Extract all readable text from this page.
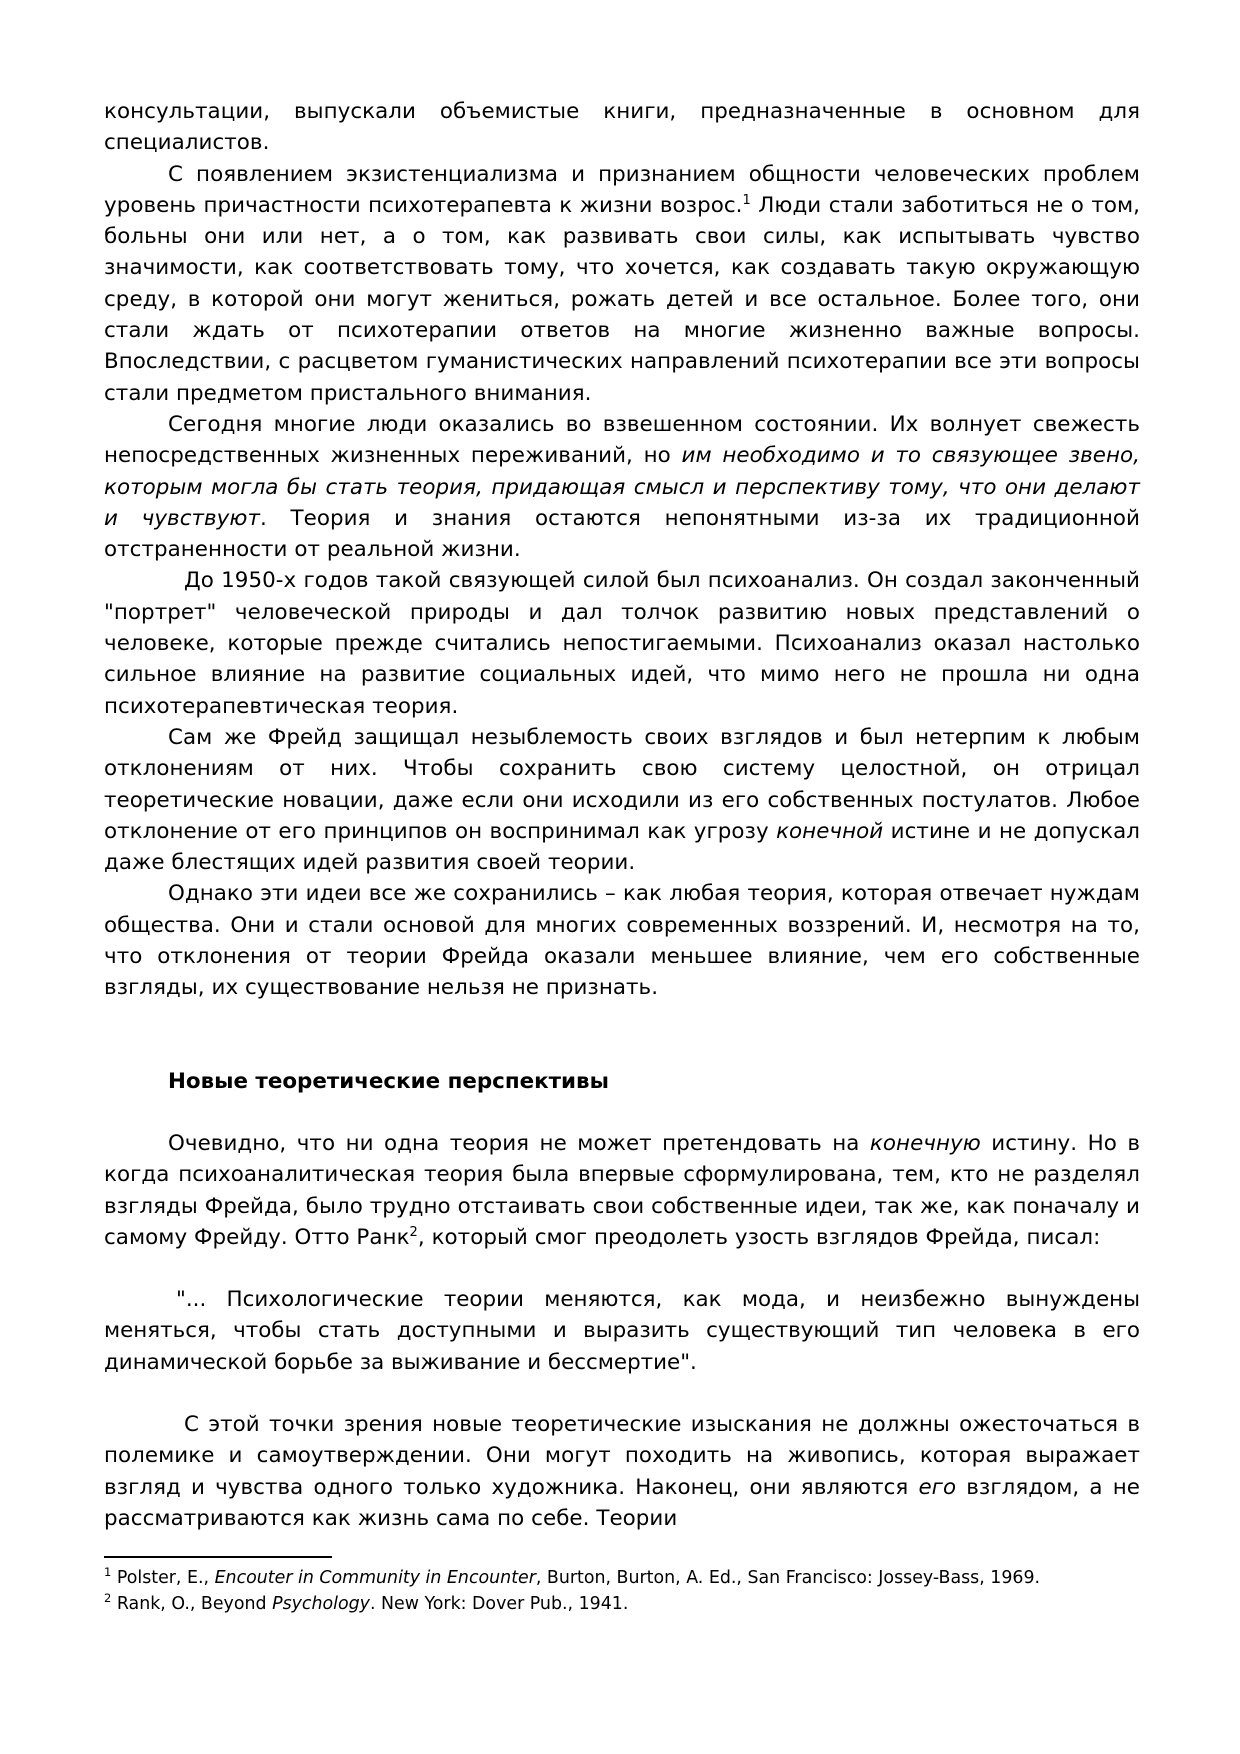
консультации, выпускали объемистые книги, предназначенные в основном для специалистов.

С появлением экзистенциализма и признанием общности человеческих проблем уровень причастности психотерапевта к жизни возрос.$^1$ Люди стали заботиться не о том, больны они или нет, а о том, как развивать свои силы, как испытывать чувство значимости, как соответствовать тому, что хочется, как создавать такую окружающую среду, в которой они могут жениться, рожать детей и все остальное. Более того, они стали ждать от психотерапии ответов на многие жизненно важные вопросы. Впоследствии, с расцветом гуманистических направлений психотерапии все эти вопросы стали предметом пристального внимания.

Сегодня многие люди оказались во взвешенном состоянии. Их волнует свежесть непосредственных жизненных переживаний, но им необходимо и то связующее звено, которым могла бы стать теория, придающая смысл и перспективу тому, что они делают и чувствуют. Теория и знания остаются непонятными из-за их традиционной отстраненности от реальной жизни.

До 1950-х годов такой связующей силой был психоанализ. Он создал законченный "портрет" человеческой природы и дал толчок развитию новых представлений о человеке, которые прежде считались непостигаемыми. Психоанализ оказал настолько сильное влияние на развитие социальных идей, что мимо него не прошла ни одна психотерапевтическая теория.

Сам же Фрейд защищал незыблемость своих взглядов и был нетерпим к любым отклонениям от них. Чтобы сохранить свою систему целостной, он отрицал теоретические новации, даже если они исходили из его собственных постулатов. Любое отклонение от его принципов он воспринимал как угрозу конечной истине и не допускал даже блестящих идей развития своей теории.

Однако эти идеи все же сохранились – как любая теория, которая отвечает нуждам общества. Они и стали основой для многих современных воззрений. И, несмотря на то, что отклонения от теории Фрейда оказали меньшее влияние, чем его собственные взгляды, их существование нельзя не признать.

Новые теоретические перспективы

Очевидно, что ни одна теория не может претендовать на конечную истину. Но в когда психоаналитическая теория была впервые сформулирована, тем, кто не разделял взгляды Фрейда, было трудно отстаивать свои собственные идеи, так же, как поначалу и самому Фрейду. Отто Ранк$^2$, который смог преодолеть узость взглядов Фрейда, писал:

"... Психологические теории меняются, как мода, и неизбежно вынуждены меняться, чтобы стать доступными и выразить существующий тип человека в его динамической борьбе за выживание и бессмертие".

С этой точки зрения новые теоретические изыскания не должны ожесточаться в полемике и самоутверждении. Они могут походить на живопись, которая выражает взгляд и чувства одного только художника. Наконец, они являются его взглядом, а не рассматриваются как жизнь сама по себе. Теории

$^1$ Polster, E., Encouter in Community in Encounter, Burton, Burton, A. Ed., San Francisco: Jossey-Bass, 1969.

$^2$ Rank, O., Beyond Psychology. New York: Dover Pub., 1941.
